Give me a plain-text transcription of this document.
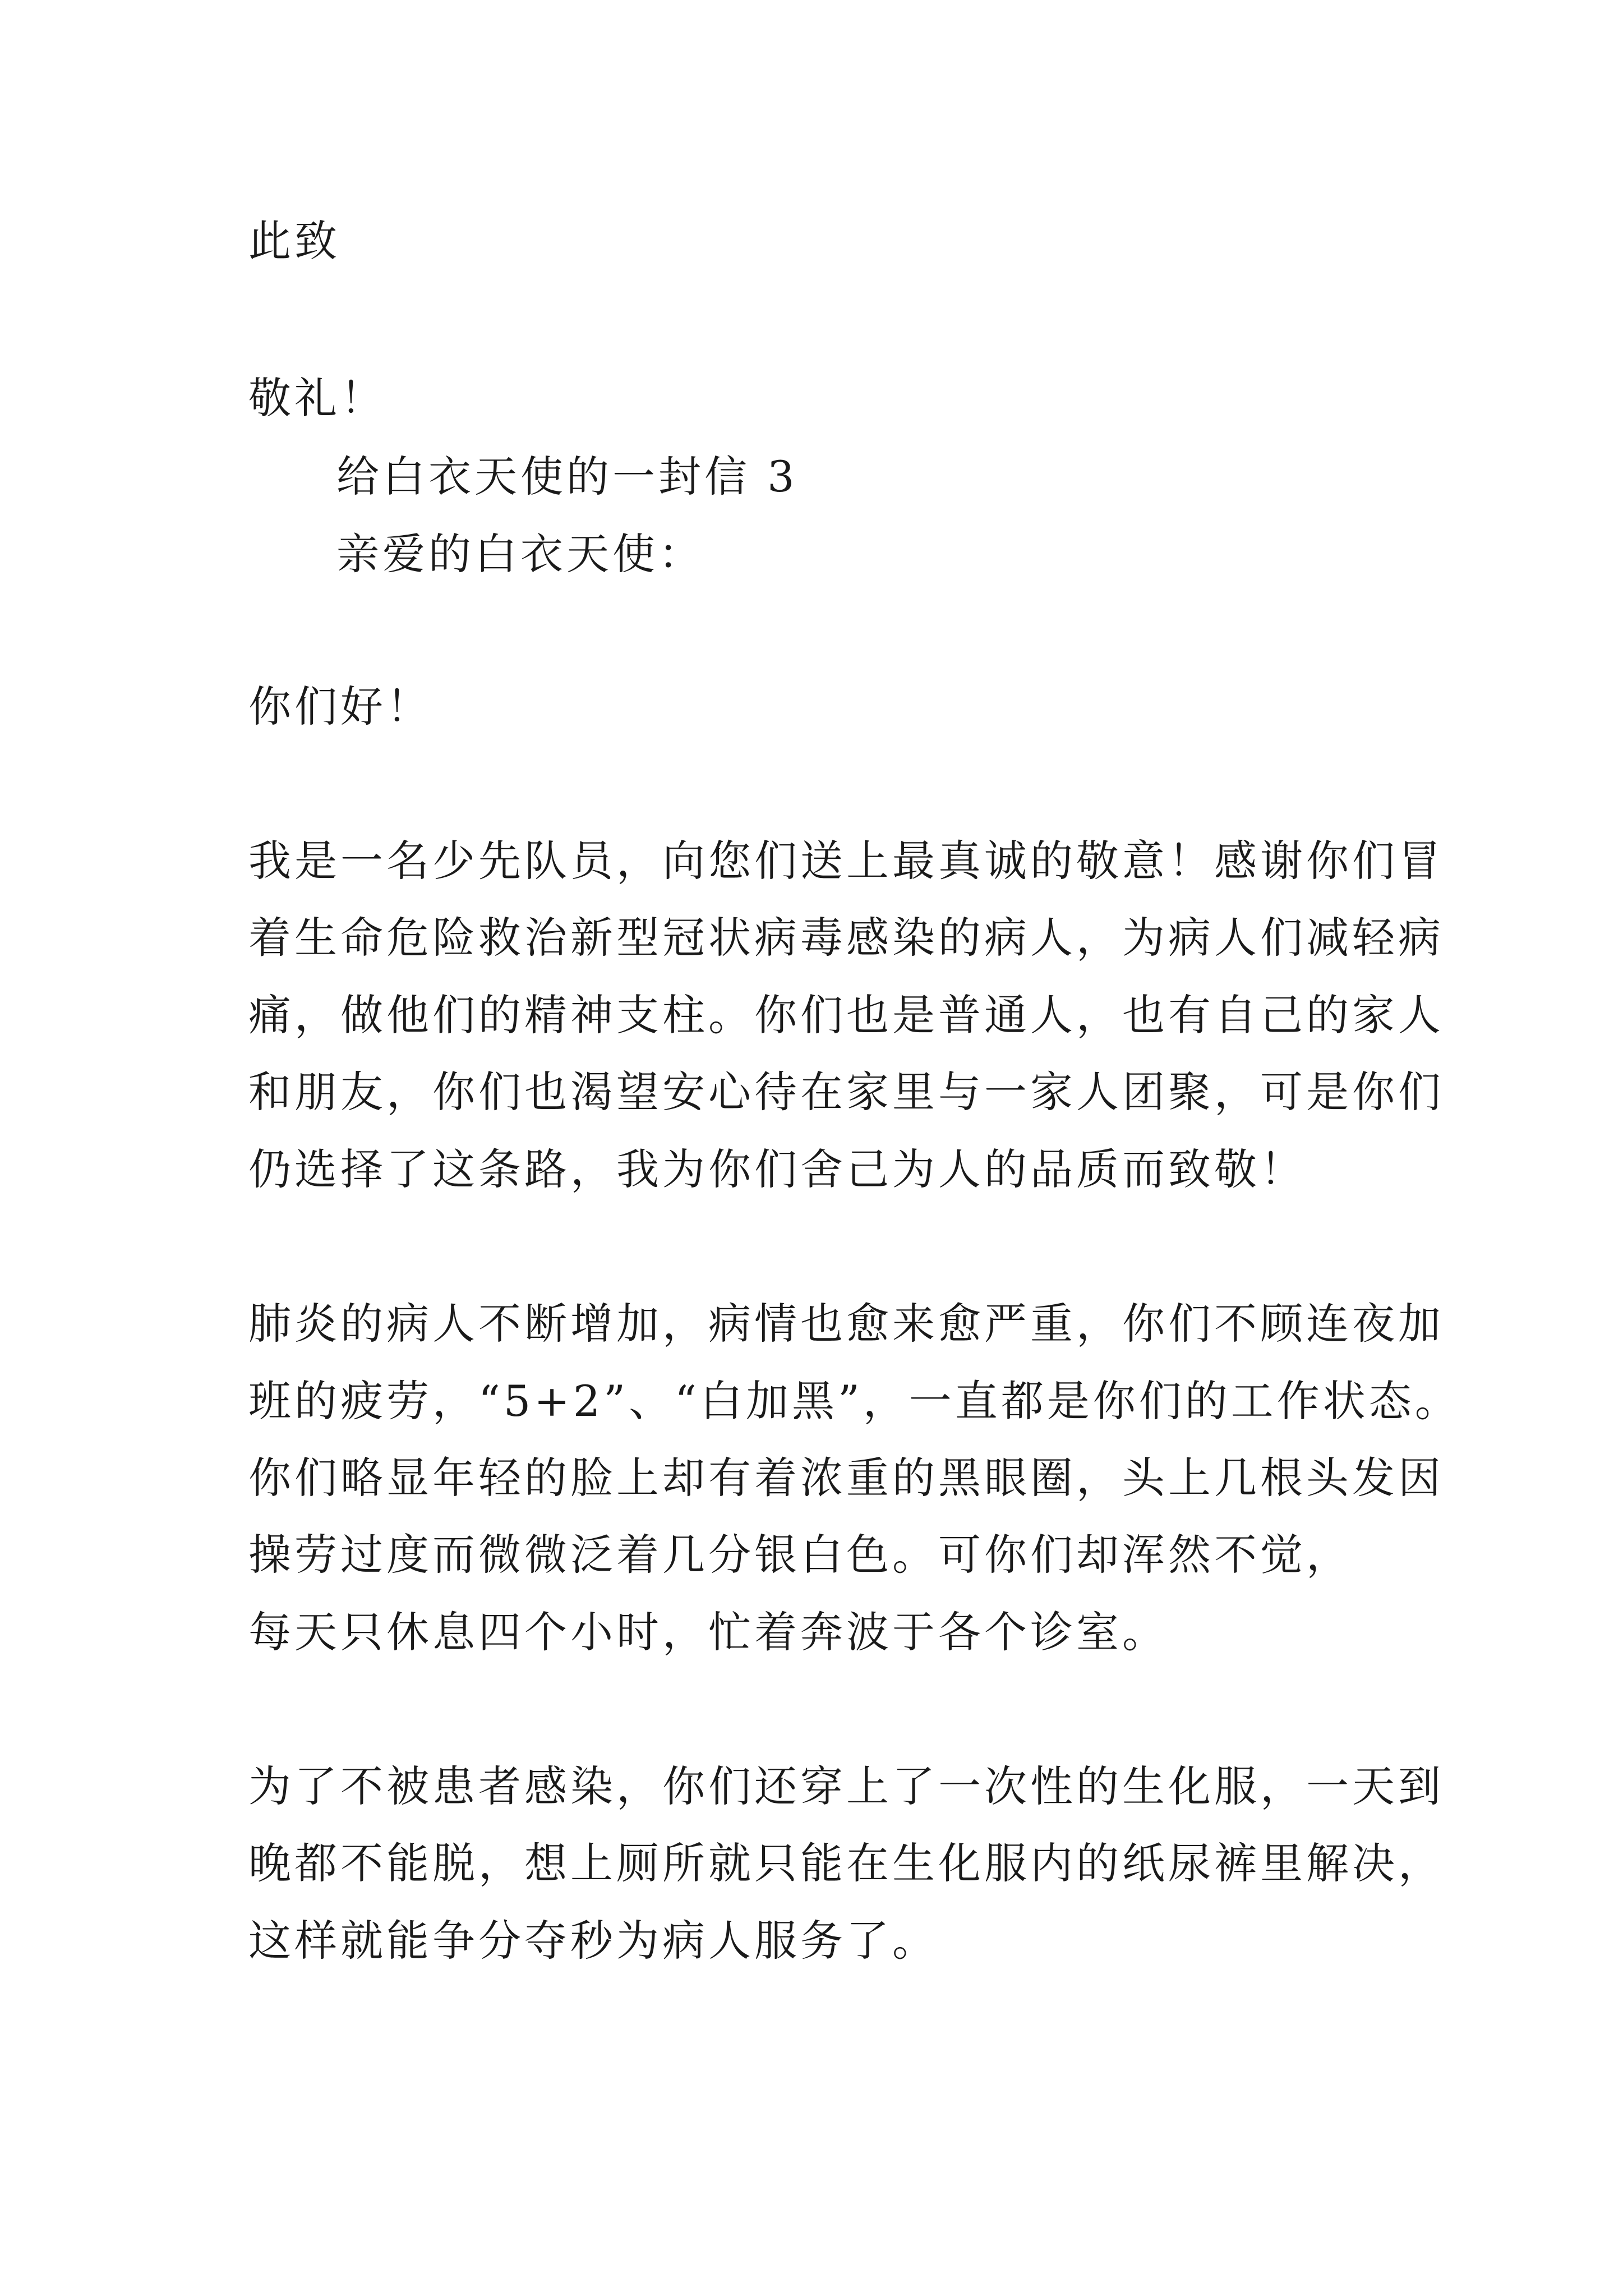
此致
敬礼！
给白衣天使的一封信 3
亲爱的白衣天使：
你们好！
我是一名少先队员，向您们送上最真诚的敬意！感谢你们冒
着生命危险救治新型冠状病毒感染的病人，为病人们减轻病
痛，做他们的精神支柱。你们也是普通人，也有自己的家人
和朋友，你们也渴望安心待在家里与一家人团聚，可是你们
仍选择了这条路，我为你们舍己为人的品质而致敬！
肺炎的病人不断增加，病情也愈来愈严重，你们不顾连夜加
班的疲劳，“5+2”、“白加黑”，一直都是你们的工作状态。
你们略显年轻的脸上却有着浓重的黑眼圈，头上几根头发因
操劳过度而微微泛着几分银白色。可你们却浑然不觉，
每天只休息四个小时，忙着奔波于各个诊室。
为了不被患者感染，你们还穿上了一次性的生化服，一天到
晚都不能脱，想上厕所就只能在生化服内的纸尿裤里解决，
这样就能争分夺秒为病人服务了。
